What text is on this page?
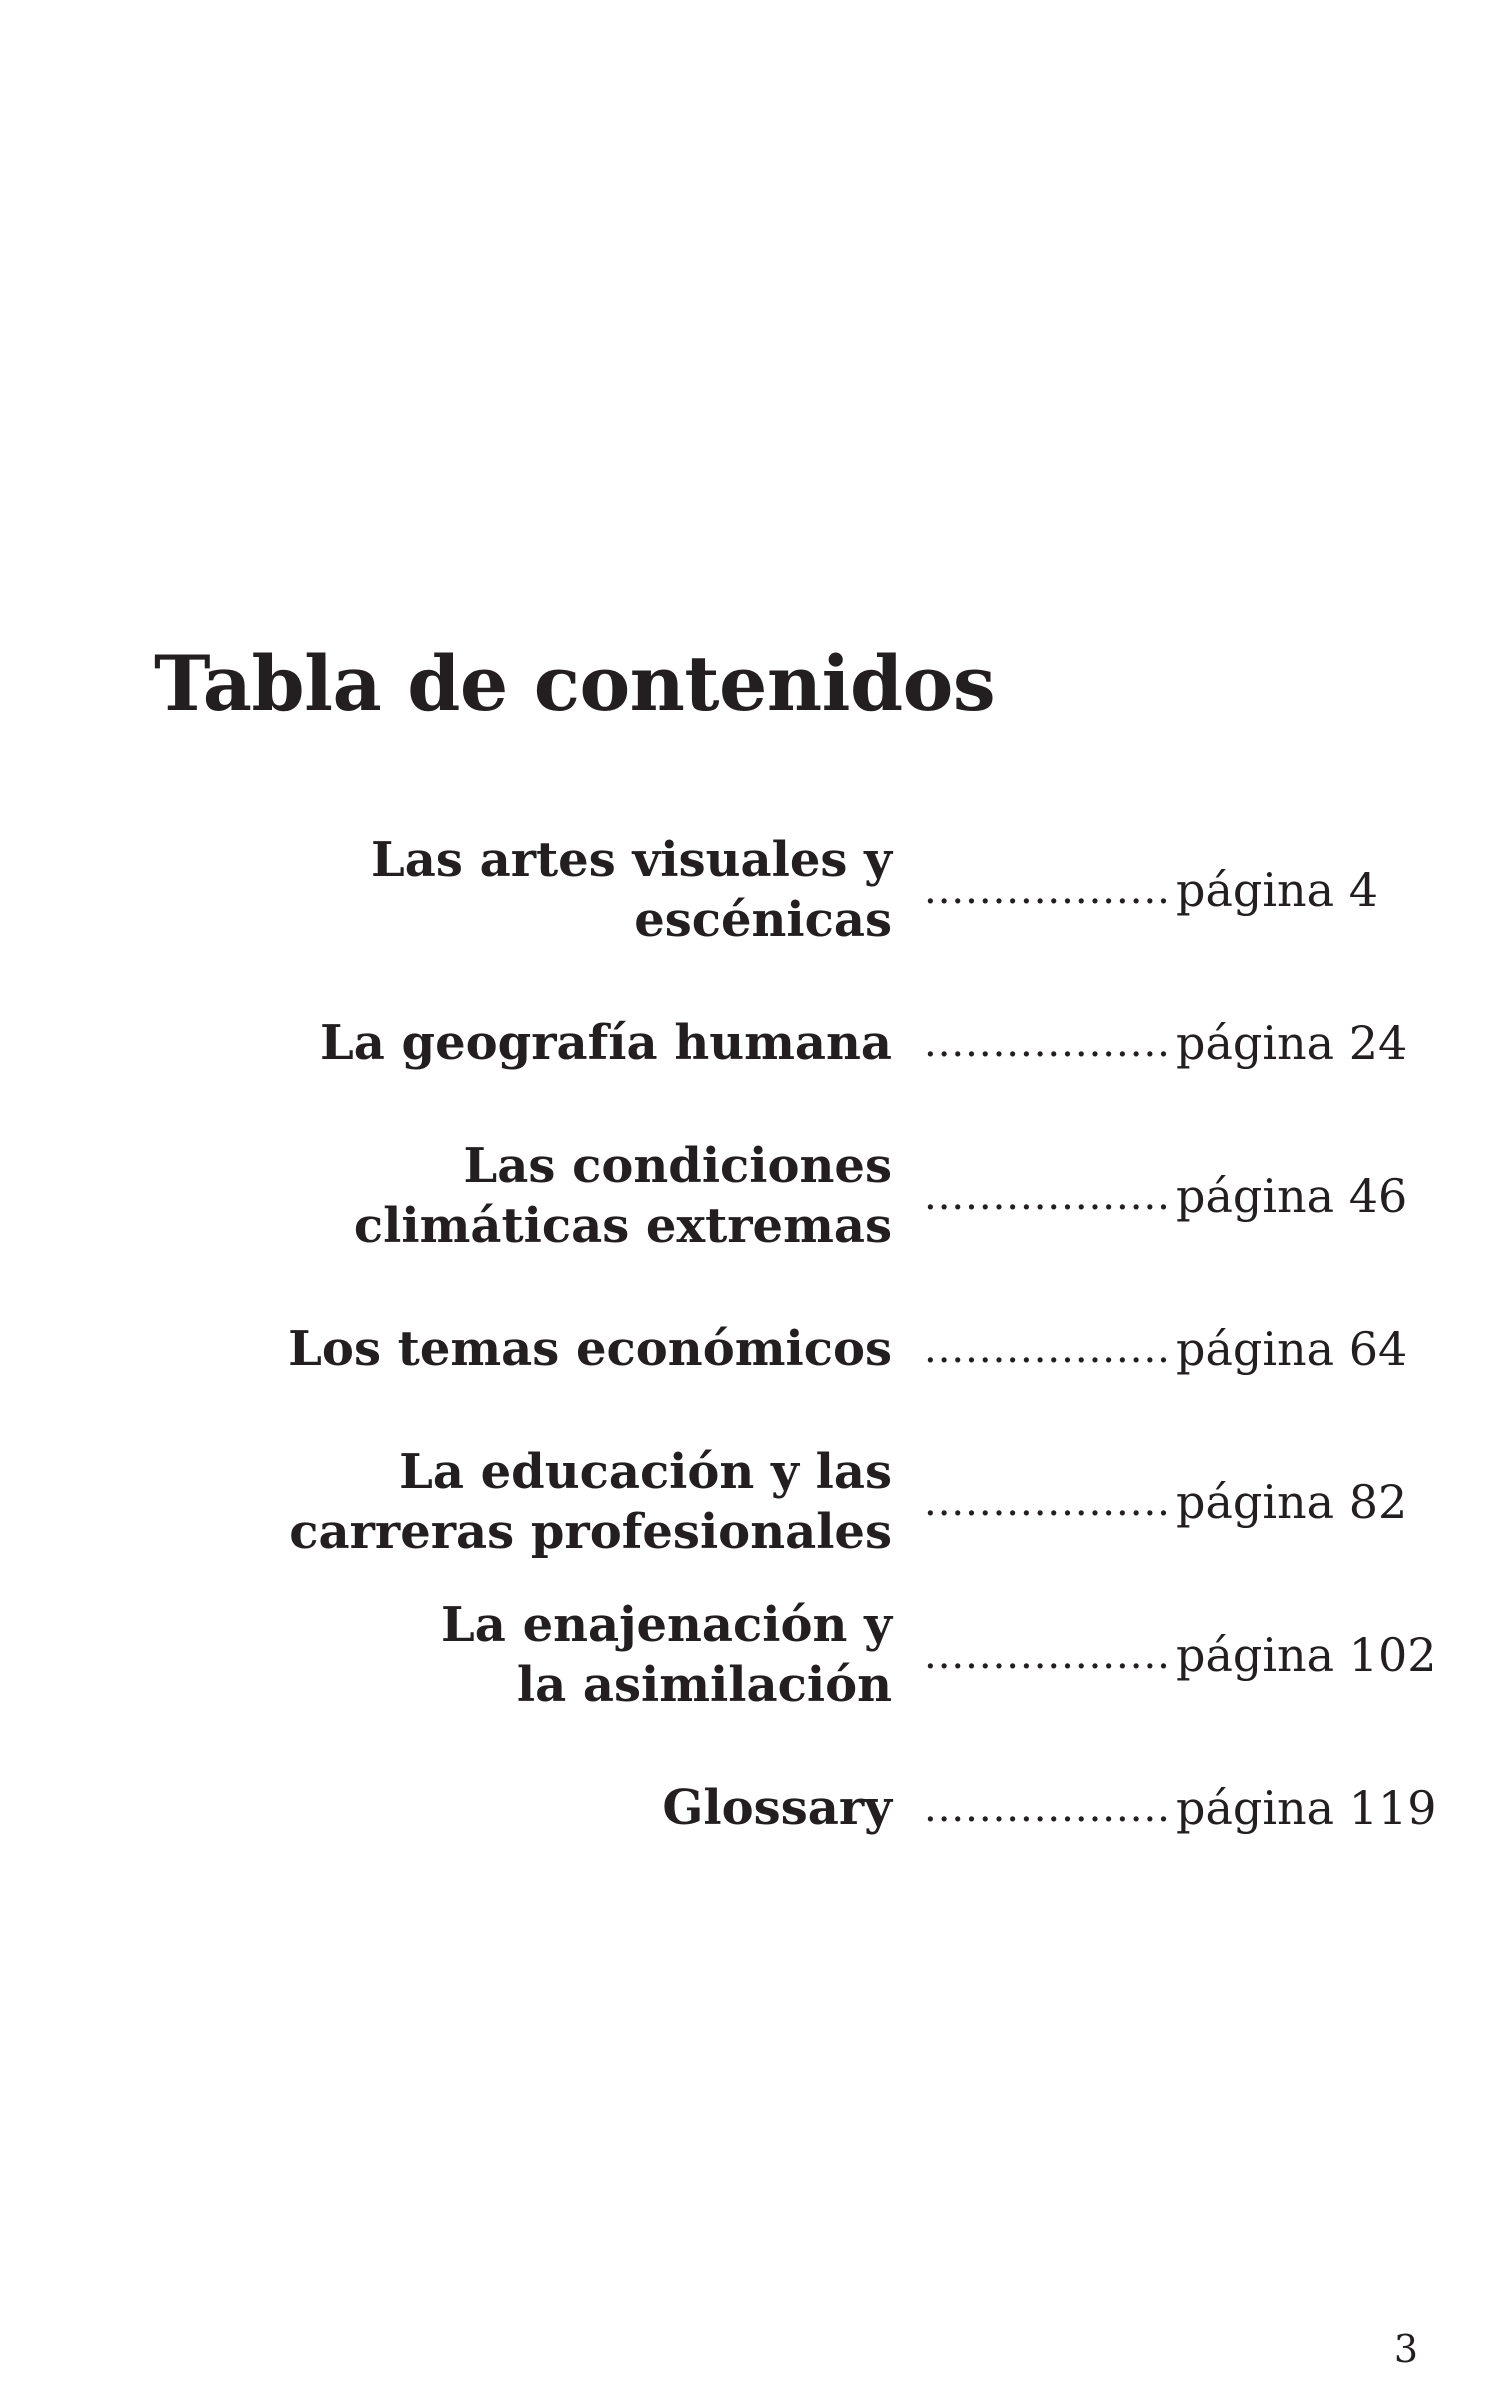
Tabla de contenidos
Las artes visuales y escénicas
.................. página 4
La geografía humana .................. página 24
Las condiciones climáticas extremas
.................. página 46
Los temas económicos .................. página 64
La educación y las carreras profesionales
.................. página 82
La enajenación y la asimilación
.................. página 102
Glossary .................. página 119
3
